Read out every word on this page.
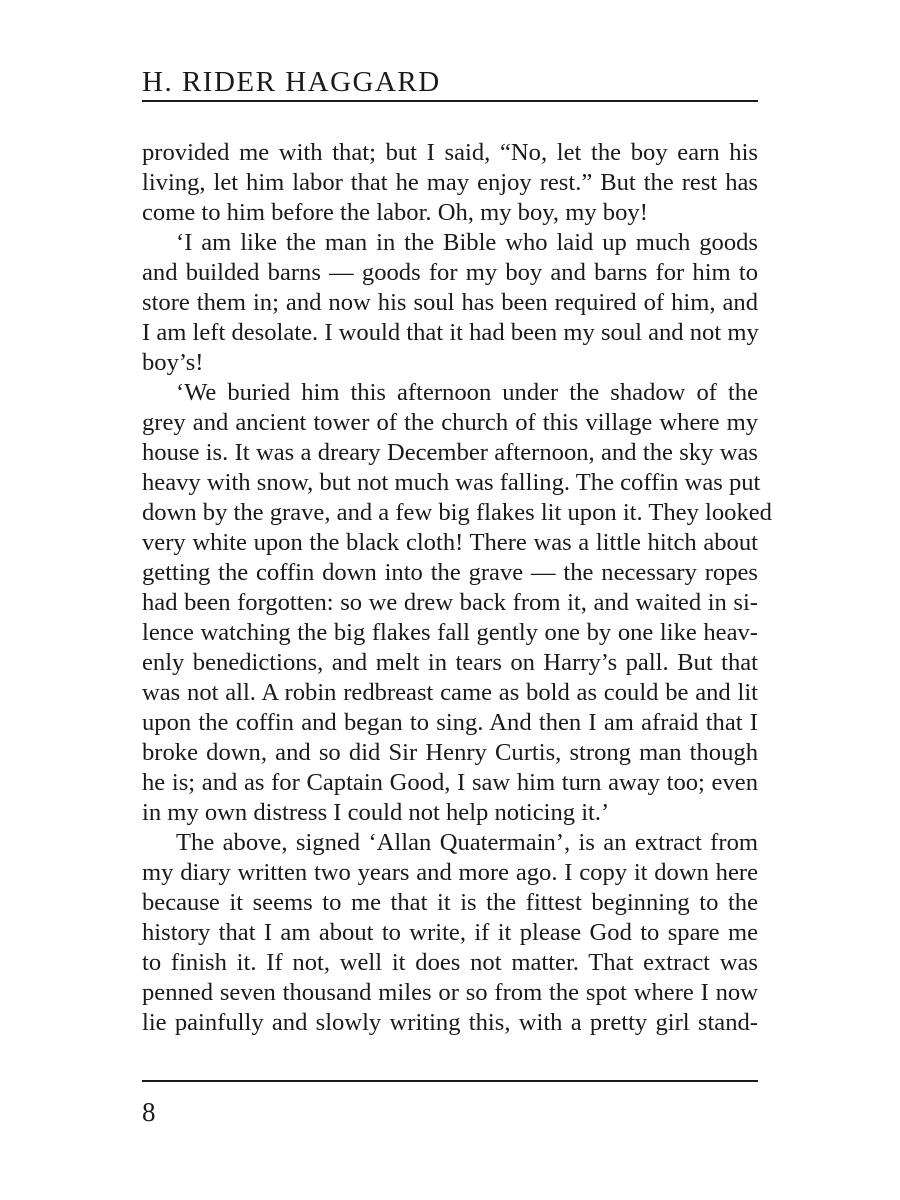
H. RIDER HAGGARD
provided me with that; but I said, “No, let the boy earn his
living, let him labor that he may enjoy rest.” But the rest has
come to him before the labor. Oh, my boy, my boy!
‘I am like the man in the Bible who laid up much goods
and builded barns — goods for my boy and barns for him to
store them in; and now his soul has been required of him, and
I am left desolate. I would that it had been my soul and not my
boy’s!
‘We buried him this afternoon under the shadow of the
grey and ancient tower of the church of this village where my
house is. It was a dreary December afternoon, and the sky was
heavy with snow, but not much was falling. The coffin was put
down by the grave, and a few big flakes lit upon it. They looked
very white upon the black cloth! There was a little hitch about
getting the coffin down into the grave — the necessary ropes
had been forgotten: so we drew back from it, and waited in si-
lence watching the big flakes fall gently one by one like heav-
enly benedictions, and melt in tears on Harry’s pall. But that
was not all. A robin redbreast came as bold as could be and lit
upon the coffin and began to sing. And then I am afraid that I
broke down, and so did Sir Henry Curtis, strong man though
he is; and as for Captain Good, I saw him turn away too; even
in my own distress I could not help noticing it.’
The above, signed ‘Allan Quatermain’, is an extract from
my diary written two years and more ago. I copy it down here
because it seems to me that it is the fittest beginning to the
history that I am about to write, if it please God to spare me
to finish it. If not, well it does not matter. That extract was
penned seven thousand miles or so from the spot where I now
lie painfully and slowly writing this, with a pretty girl stand-
8
